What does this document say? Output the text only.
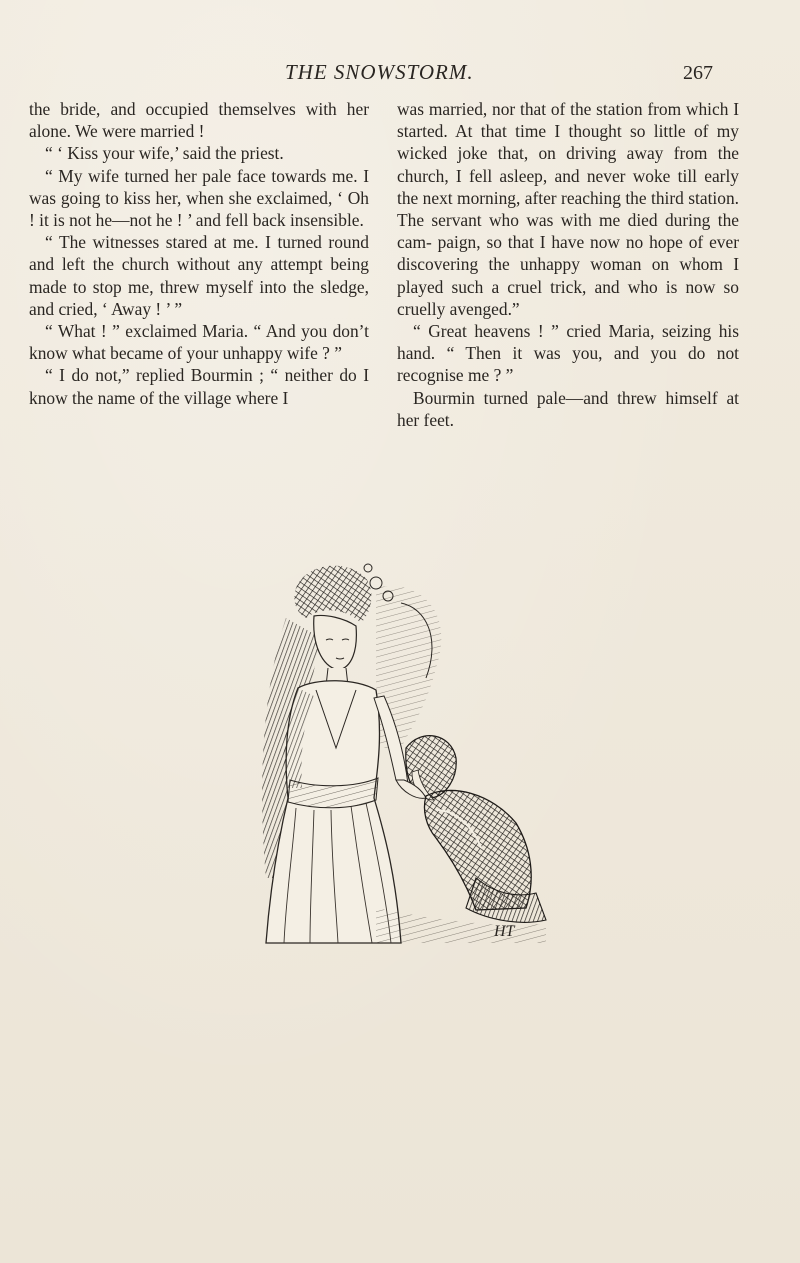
THE SNOWSTORM.	267

the bride, and occupied themselves with her alone. We were married !

“ ‘ Kiss your wife,’ said the priest.

“ My wife turned her pale face towards me. I was going to kiss her, when she exclaimed, ‘ Oh ! it is not he—not he ! ’ and fell back insensible.

“ The witnesses stared at me. I turned round and left the church without any attempt being made to stop me, threw myself into the sledge, and cried, ‘ Away ! ’ ”

“ What ! ” exclaimed Maria. “ And you don’t know what became of your unhappy wife ? ”

“ I do not,” replied Bourmin ; “ neither do I know the name of the village where I

was married, nor that of the station from which I started. At that time I thought so little of my wicked joke that, on driving away from the church, I fell asleep, and never woke till early the next morning, after reaching the third station. The servant who was with me died during the cam- paign, so that I have now no hope of ever discovering the unhappy woman on whom I played such a cruel trick, and who is now so cruelly avenged.”

“ Great heavens ! ” cried Maria, seizing his hand. “ Then it was you, and you do not recognise me ? ”

Bourmin turned pale—and threw himself at her feet.

HT
